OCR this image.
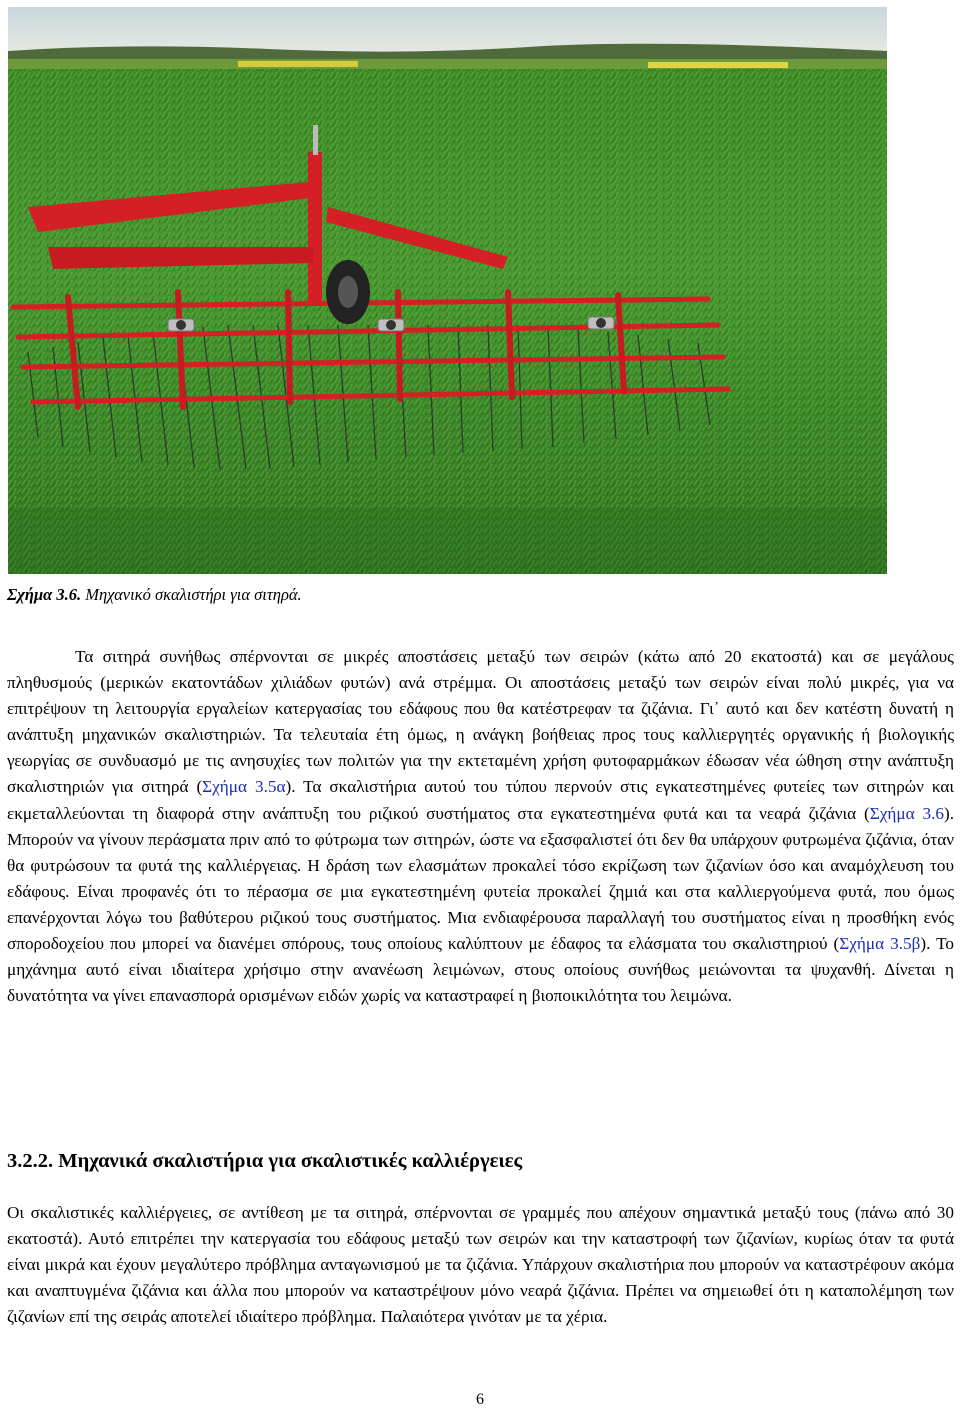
Σχήμα 3.6. Μηχανικό σκαλιστήρι για σιτηρά.

Τα σιτηρά συνήθως σπέρνονται σε μικρές αποστάσεις μεταξύ των σειρών (κάτω από 20 εκατοστά) και σε μεγάλους πληθυσμούς (μερικών εκατοντάδων χιλιάδων φυτών) ανά στρέμμα. Οι αποστάσεις μεταξύ των σειρών είναι πολύ μικρές, για να επιτρέψουν τη λειτουργία εργαλείων κατεργασίας του εδάφους που θα κατέστρεφαν τα ζιζάνια. Γι᾽ αυτό και δεν κατέστη δυνατή η ανάπτυξη μηχανικών σκαλιστηριών. Τα τελευταία έτη όμως, η ανάγκη βοήθειας προς τους καλλιεργητές οργανικής ή βιολογικής γεωργίας σε συνδυασμό με τις ανησυχίες των πολιτών για την εκτεταμένη χρήση φυτοφαρμάκων έδωσαν νέα ώθηση στην ανάπτυξη σκαλιστηριών για σιτηρά (Σχήμα 3.5α). Τα σκαλιστήρια αυτού του τύπου περνούν στις εγκατεστημένες φυτείες των σιτηρών και εκμεταλλεύονται τη διαφορά στην ανάπτυξη του ριζικού συστήματος στα εγκατεστημένα φυτά και τα νεαρά ζιζάνια (Σχήμα 3.6). Μπορούν να γίνουν περάσματα πριν από το φύτρωμα των σιτηρών, ώστε να εξασφαλιστεί ότι δεν θα υπάρχουν φυτρωμένα ζιζάνια, όταν θα φυτρώσουν τα φυτά της καλλιέργειας. Η δράση των ελασμάτων προκαλεί τόσο εκρίζωση των ζιζανίων όσο και αναμόχλευση του εδάφους. Είναι προφανές ότι το πέρασμα σε μια εγκατεστημένη φυτεία προκαλεί ζημιά και στα καλλιεργούμενα φυτά, που όμως επανέρχονται λόγω του βαθύτερου ριζικού τους συστήματος. Μια ενδιαφέρουσα παραλλαγή του συστήματος είναι η προσθήκη ενός σποροδοχείου που μπορεί να διανέμει σπόρους, τους οποίους καλύπτουν με έδαφος τα ελάσματα του σκαλιστηριού (Σχήμα 3.5β). Το μηχάνημα αυτό είναι ιδιαίτερα χρήσιμο στην ανανέωση λειμώνων, στους οποίους συνήθως μειώνονται τα ψυχανθή. Δίνεται η δυνατότητα να γίνει επανασπορά ορισμένων ειδών χωρίς να καταστραφεί η βιοποικιλότητα του λειμώνα.

3.2.2. Μηχανικά σκαλιστήρια για σκαλιστικές καλλιέργειες

Οι σκαλιστικές καλλιέργειες, σε αντίθεση με τα σιτηρά, σπέρνονται σε γραμμές που απέχουν σημαντικά μεταξύ τους (πάνω από 30 εκατοστά). Αυτό επιτρέπει την κατεργασία του εδάφους μεταξύ των σειρών και την καταστροφή των ζιζανίων, κυρίως όταν τα φυτά είναι μικρά και έχουν μεγαλύτερο πρόβλημα ανταγωνισμού με τα ζιζάνια. Υπάρχουν σκαλιστήρια που μπορούν να καταστρέφουν ακόμα και αναπτυγμένα ζιζάνια και άλλα που μπορούν να καταστρέψουν μόνο νεαρά ζιζάνια. Πρέπει να σημειωθεί ότι η καταπολέμηση των ζιζανίων επί της σειράς αποτελεί ιδιαίτερο πρόβλημα. Παλαιότερα γινόταν με τα χέρια.

6
